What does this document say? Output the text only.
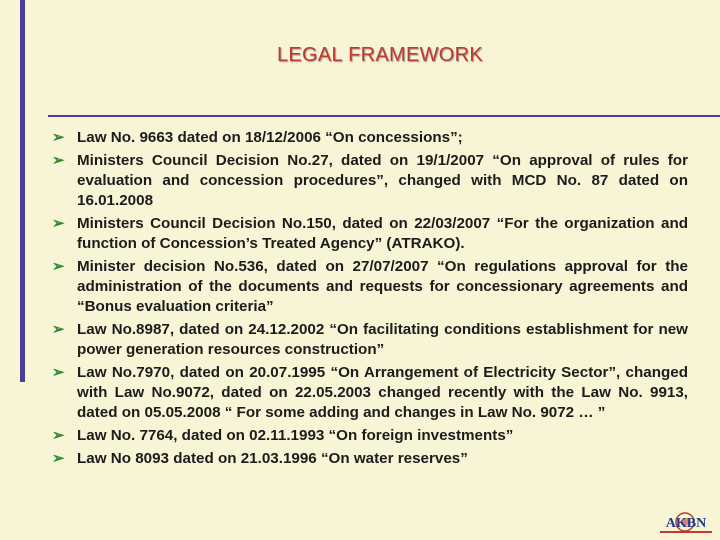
LEGAL FRAMEWORK
➢ Law No. 9663 dated on 18/12/2006 “On concessions”;
➢ Ministers Council Decision No.27, dated on 19/1/2007 “On approval of rules for evaluation and concession procedures”, changed with MCD No. 87 dated on 16.01.2008
➢ Ministers Council Decision No.150, dated on 22/03/2007 “For the organization and function of Concession’s Treated Agency” (ATRAKO).
➢ Minister decision No.536, dated on 27/07/2007 “On regulations approval for the administration of the documents and requests for concessionary agreements and “Bonus evaluation criteria”
➢ Law No.8987, dated on 24.12.2002 “On facilitating conditions establishment for new power generation resources construction”
➢ Law No.7970, dated on 20.07.1995 “On Arrangement of Electricity Sector”, changed with Law No.9072, dated on 22.05.2003 changed recently with the Law No. 9913, dated on 05.05.2008 “ For some adding and changes in Law No. 9072 … ”
➢ Law No. 7764, dated on 02.11.1993 “On foreign investments”
➢ Law No 8093 dated on 21.03.1996 “On water reserves”
AKBN
